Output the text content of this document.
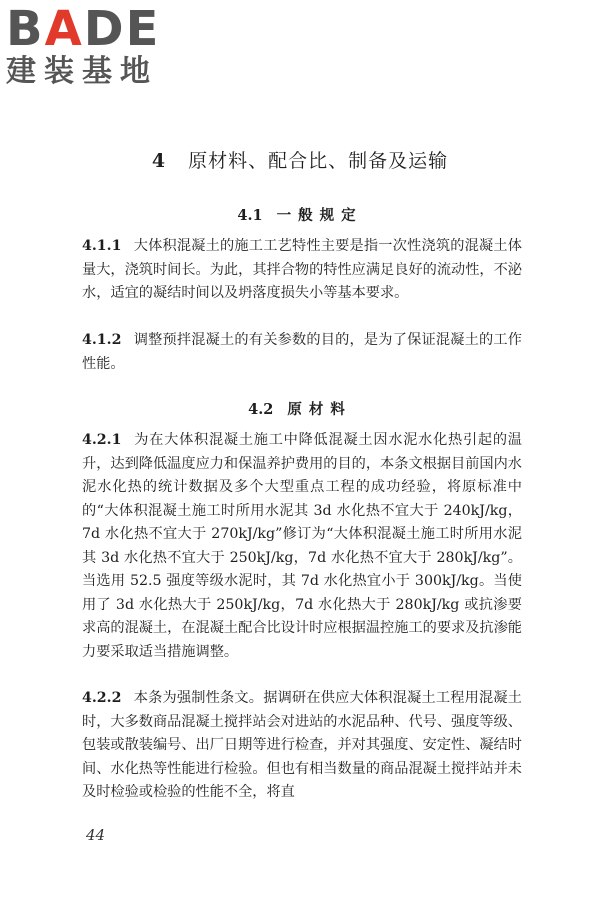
BADE
建装基地
4 原材料、配合比、制备及运输
4.1 一般规定

4.1.1 大体积混凝土的施工工艺特性主要是指一次性浇筑的混凝土体量大，浇筑时间长。为此，其拌合物的特性应满足良好的流动性，不泌水，适宜的凝结时间以及坍落度损失小等基本要求。

4.1.2 调整预拌混凝土的有关参数的目的，是为了保证混凝土的工作性能。

4.2 原材料

4.2.1 为在大体积混凝土施工中降低混凝土因水泥水化热引起的温升，达到降低温度应力和保温养护费用的目的，本条文根据目前国内水泥水化热的统计数据及多个大型重点工程的成功经验，将原标准中的“大体积混凝土施工时所用水泥其 3d 水化热不宜大于 240kJ/kg，7d 水化热不宜大于 270kJ/kg”修订为“大体积混凝土施工时所用水泥其 3d 水化热不宜大于 250kJ/kg，7d 水化热不宜大于 280kJ/kg”。当选用 52.5 强度等级水泥时，其 7d 水化热宜小于 300kJ/kg。当使用了 3d 水化热大于 250kJ/kg，7d 水化热大于 280kJ/kg 或抗渗要求高的混凝土，在混凝土配合比设计时应根据温控施工的要求及抗渗能力要采取适当措施调整。

4.2.2 本条为强制性条文。据调研在供应大体积混凝土工程用混凝土时，大多数商品混凝土搅拌站会对进站的水泥品种、代号、强度等级、包装或散装编号、出厂日期等进行检查，并对其强度、安定性、凝结时间、水化热等性能进行检验。但也有相当数量的商品混凝土搅拌站并未及时检验或检验的性能不全，将直

44
